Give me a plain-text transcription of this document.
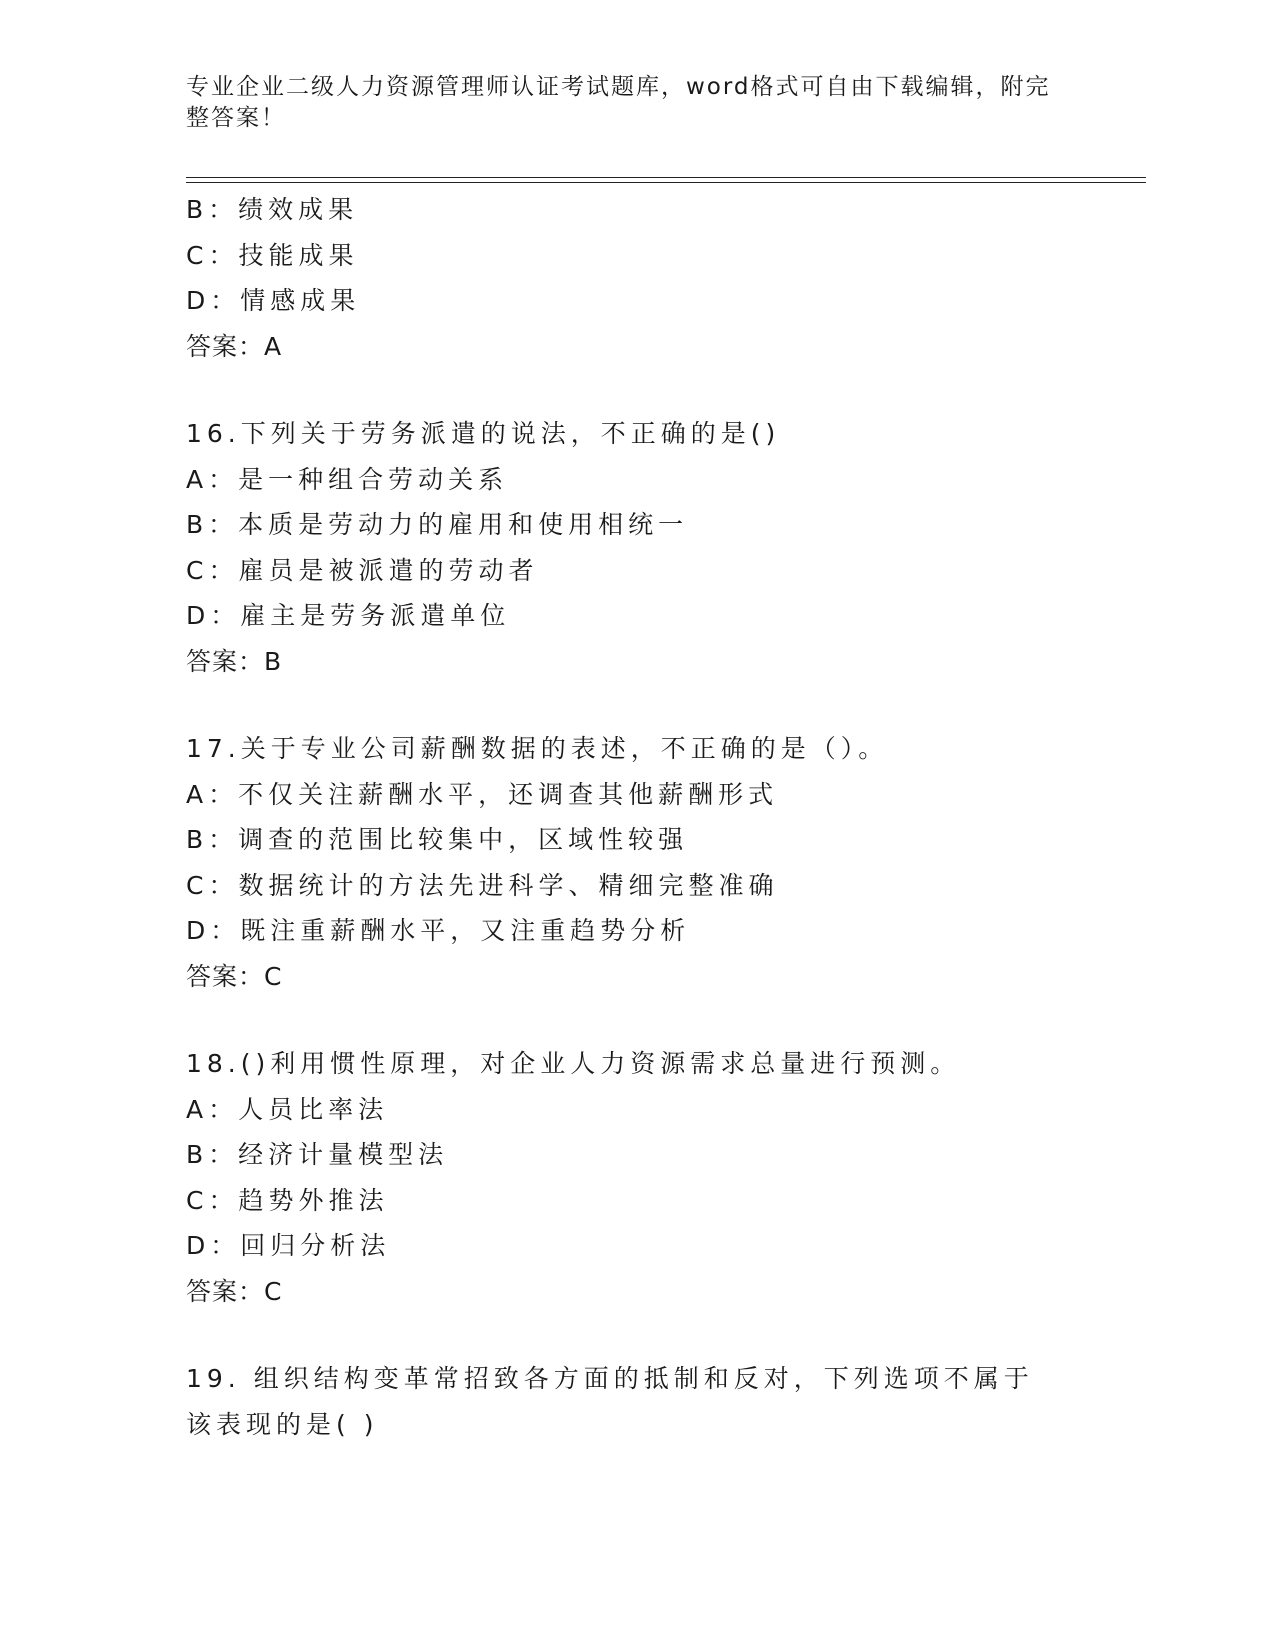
专业企业二级人力资源管理师认证考试题库，word格式可自由下载编辑，附完整答案！
B：绩效成果
C：技能成果
D：情感成果
答案：A
16.下列关于劳务派遣的说法，不正确的是()
A：是一种组合劳动关系
B：本质是劳动力的雇用和使用相统一
C：雇员是被派遣的劳动者
D：雇主是劳务派遣单位
答案：B
17.关于专业公司薪酬数据的表述，不正确的是（）。
A：不仅关注薪酬水平，还调查其他薪酬形式
B：调查的范围比较集中，区域性较强
C：数据统计的方法先进科学、精细完整准确
D：既注重薪酬水平，又注重趋势分析
答案：C
18.()利用惯性原理，对企业人力资源需求总量进行预测。
A：人员比率法
B：经济计量模型法
C：趋势外推法
D：回归分析法
答案：C
19. 组织结构变革常招致各方面的抵制和反对，下列选项不属于该表现的是( )
